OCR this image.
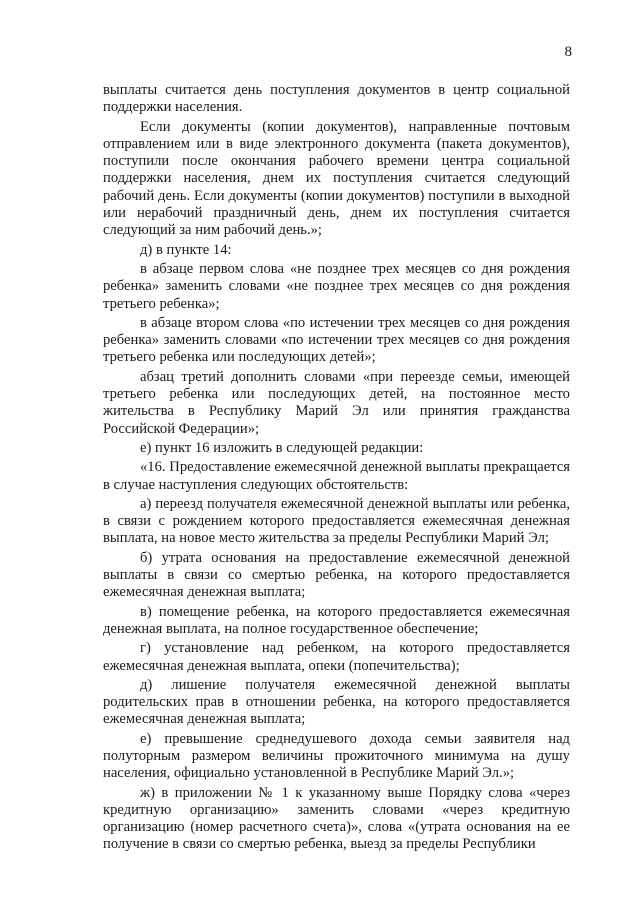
8

выплаты считается день поступления документов в центр социальной поддержки населения.

Если документы (копии документов), направленные почтовым отправлением или в виде электронного документа (пакета документов), поступили после окончания рабочего времени центра социальной поддержки населения, днем их поступления считается следующий рабочий день. Если документы (копии документов) поступили в выходной или нерабочий праздничный день, днем их поступления считается следующий за ним рабочий день.»;

д) в пункте 14:

в абзаце первом слова «не позднее трех месяцев со дня рождения ребенка» заменить словами «не позднее трех месяцев со дня рождения третьего ребенка»;

в абзаце втором слова «по истечении трех месяцев со дня рождения ребенка» заменить словами «по истечении трех месяцев со дня рождения третьего ребенка или последующих детей»;

абзац третий дополнить словами «при переезде семьи, имеющей третьего ребенка или последующих детей, на постоянное место жительства в Республику Марий Эл или принятия гражданства Российской Федерации»;

е) пункт 16 изложить в следующей редакции:

«16. Предоставление ежемесячной денежной выплаты прекращается в случае наступления следующих обстоятельств:

а) переезд получателя ежемесячной денежной выплаты или ребенка, в связи с рождением которого предоставляется ежемесячная денежная выплата, на новое место жительства за пределы Республики Марий Эл;

б) утрата основания на предоставление ежемесячной денежной выплаты в связи со смертью ребенка, на которого предоставляется ежемесячная денежная выплата;

в) помещение ребенка, на которого предоставляется ежемесячная денежная выплата, на полное государственное обеспечение;

г) установление над ребенком, на которого предоставляется ежемесячная денежная выплата, опеки (попечительства);

д) лишение получателя ежемесячной денежной выплаты родительских прав в отношении ребенка, на которого предоставляется ежемесячная денежная выплата;

е) превышение среднедушевого дохода семьи заявителя над полуторным размером величины прожиточного минимума на душу населения, официально установленной в Республике Марий Эл.»;

ж) в приложении № 1 к указанному выше Порядку слова «через кредитную организацию» заменить словами «через кредитную организацию (номер расчетного счета)», слова «(утрата основания на ее получение в связи со смертью ребенка, выезд за пределы Республики
